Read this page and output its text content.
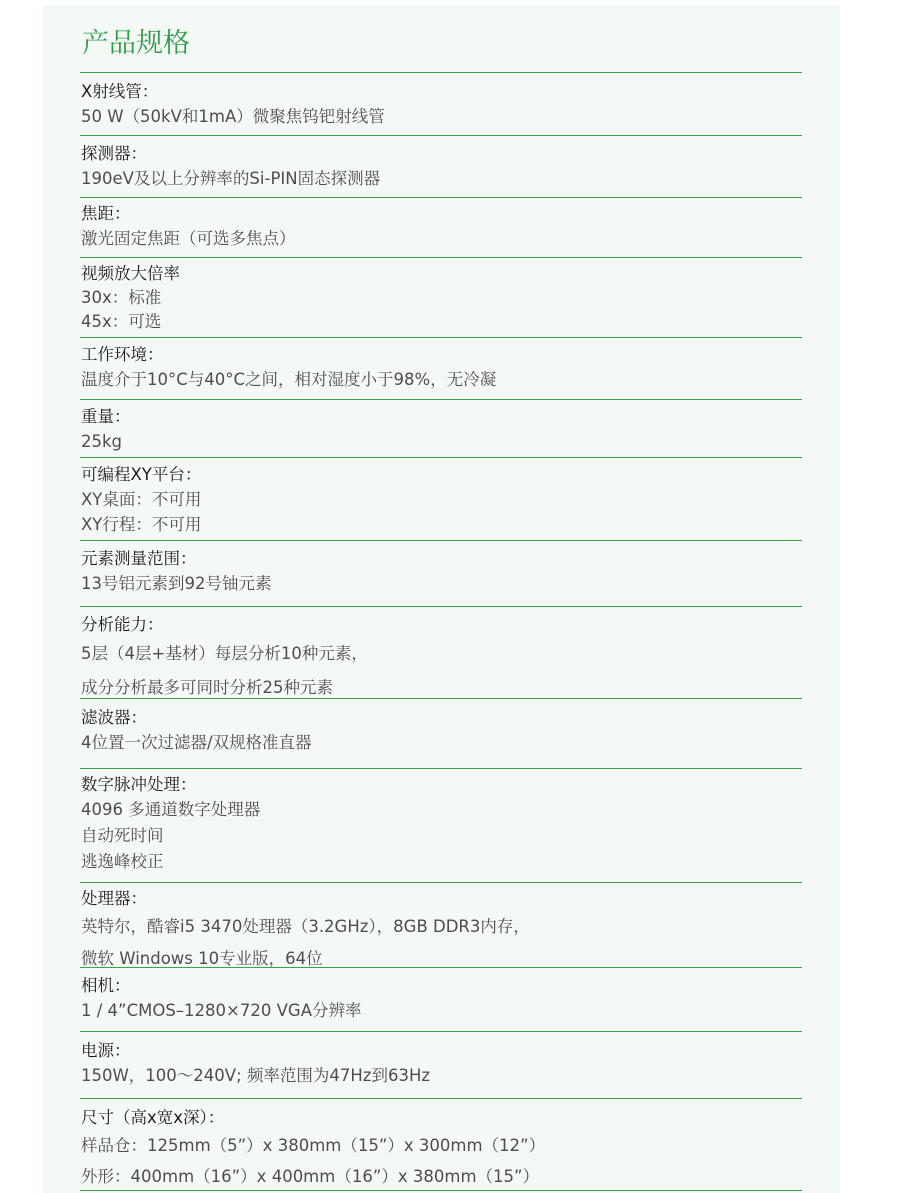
产品规格
X射线管：
50 W（50kV和1mA）微聚焦钨钯射线管
探测器：
190eV及以上分辨率的Si-PIN固态探测器
焦距：
激光固定焦距（可选多焦点）
视频放大倍率
30x：标准
45x：可选
工作环境：
温度介于10°C与40°C之间，相对湿度小于98%，无冷凝
重量：
25kg
可编程XY平台：
XY桌面：不可用
XY行程：不可用
元素测量范围：
13号铝元素到92号铀元素
分析能力：
5层（4层+基材）每层分析10种元素，
成分分析最多可同时分析25种元素
滤波器：
4位置一次过滤器/双规格准直器
数字脉冲处理：
4096 多通道数字处理器
自动死时间
逃逸峰校正
处理器：
英特尔，酷睿i5 3470处理器（3.2GHz），8GB DDR3内存，
微软 Windows 10专业版，64位
相机：
1 / 4”CMOS–1280×720 VGA分辨率
电源：
150W，100～240V; 频率范围为47Hz到63Hz
尺寸（高x宽x深）：
样品仓：125mm（5”）x 380mm（15”）x 300mm（12”）
外形：400mm（16”）x 400mm（16”）x 380mm（15”）
